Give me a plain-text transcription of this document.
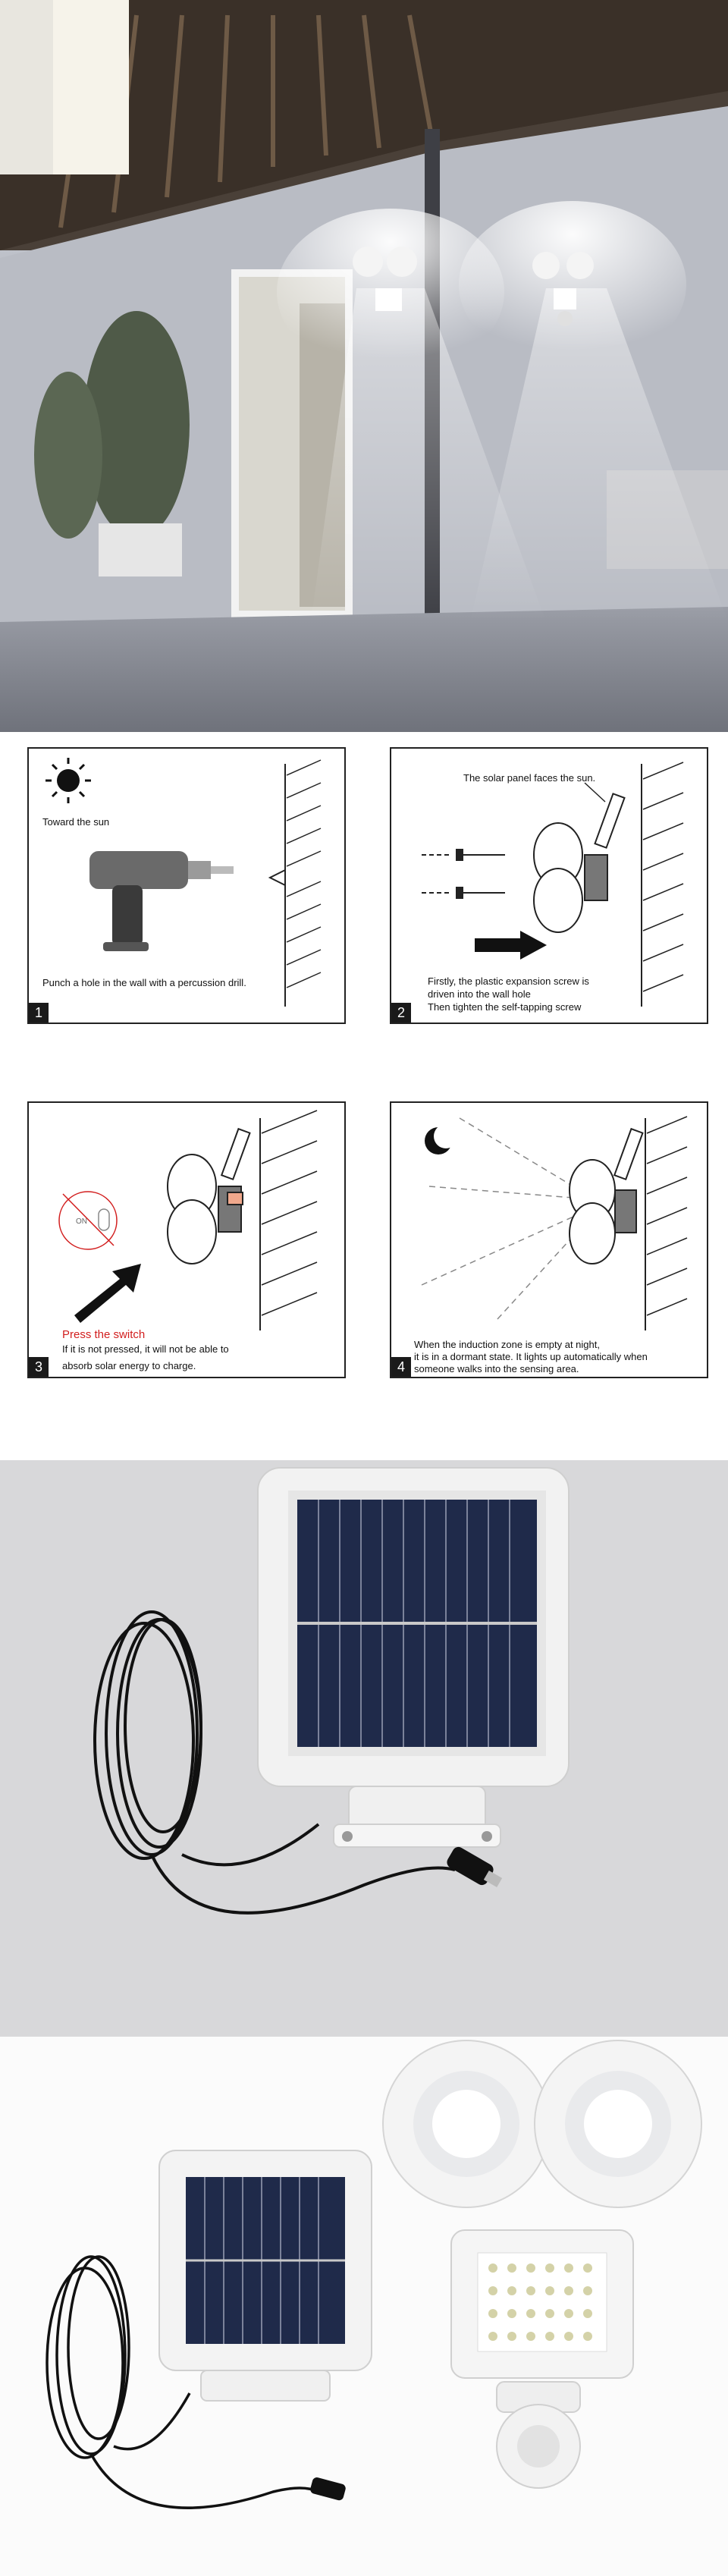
Toward the sun
Punch a hole in the wall with a percussion drill.
1
The solar panel faces the sun.
Firstly, the plastic expansion screw is
driven into the wall hole
Then tighten the self-tapping screw
2
ON
Press the switch
If it is not pressed, it will not be able to
absorb solar energy to charge.
3
When the induction zone is empty at night,
it is in a dormant state. It lights up automatically when
someone walks into the sensing area.
4
